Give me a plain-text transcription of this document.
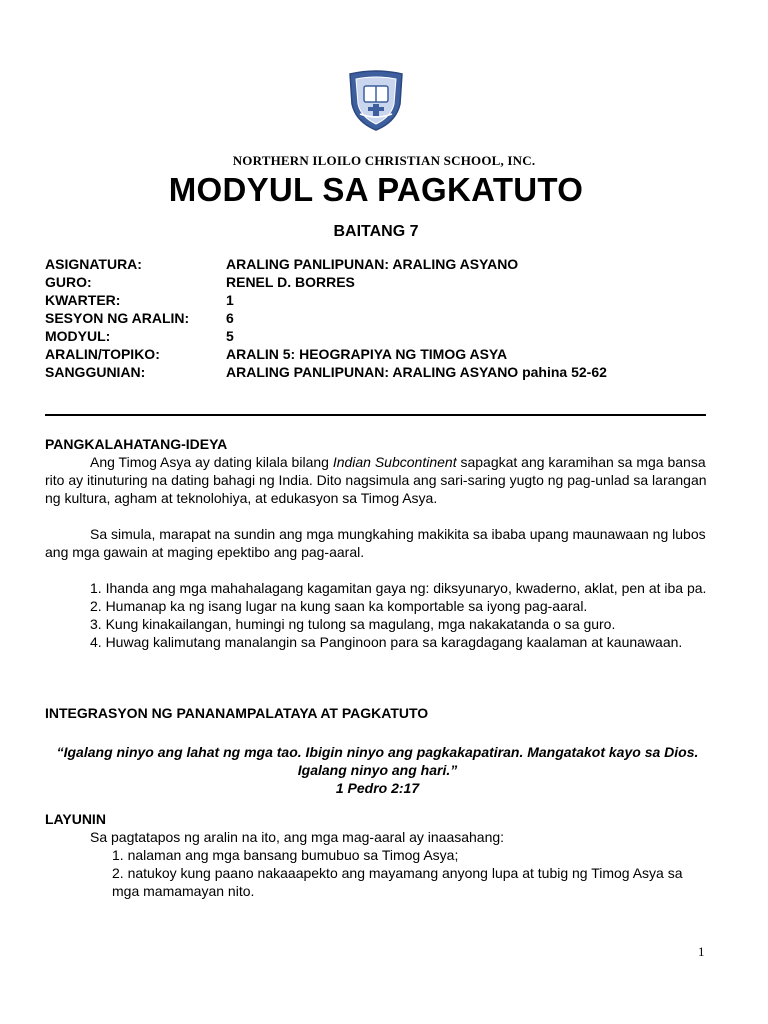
NORTHERN ILOILO CHRISTIAN SCHOOL, INC.
MODYUL SA PAGKATUTO
BAITANG 7
ASIGNATURA:	ARALING PANLIPUNAN: ARALING ASYANO
GURO:	RENEL D. BORRES
KWARTER:	1
SESYON NG ARALIN:	6
MODYUL:	5
ARALIN/TOPIKO:	ARALIN 5: HEOGRAPIYA NG TIMOG ASYA
SANGGUNIAN:	ARALING PANLIPUNAN: ARALING ASYANO pahina 52-62
PANGKALAHATANG-IDEYA
Ang Timog Asya ay dating kilala bilang Indian Subcontinent sapagkat ang karamihan sa mga bansa rito ay itinuturing na dating bahagi ng India. Dito nagsimula ang sari-saring yugto ng pag-unlad sa larangan ng kultura, agham at teknolohiya, at edukasyon sa Timog Asya.
Sa simula, marapat na sundin ang mga mungkahing makikita sa ibaba upang maunawaan ng lubos ang mga gawain at maging epektibo ang pag-aaral.
1. Ihanda ang mga mahahalagang kagamitan gaya ng: diksyunaryo, kwaderno, aklat, pen at iba pa.
2. Humanap ka ng isang lugar na kung saan ka komportable sa iyong pag-aaral.
3. Kung kinakailangan, humingi ng tulong sa magulang, mga nakakatanda o sa guro.
4. Huwag kalimutang manalangin sa Panginoon para sa karagdagang kaalaman at kaunawaan.
INTEGRASYON NG PANANAMPALATAYA AT PAGKATUTO
“Igalang ninyo ang lahat ng mga tao. Ibigin ninyo ang pagkakapatiran. Mangatakot kayo sa Dios. Igalang ninyo ang hari.”
1 Pedro 2:17
LAYUNIN
Sa pagtatapos ng aralin na ito, ang mga mag-aaral ay inaasahang:
1. nalaman ang mga bansang bumubuo sa Timog Asya;
2. natukoy kung paano nakaaapekto ang mayamang anyong lupa at tubig ng Timog Asya sa mga mamamayan nito.
1
